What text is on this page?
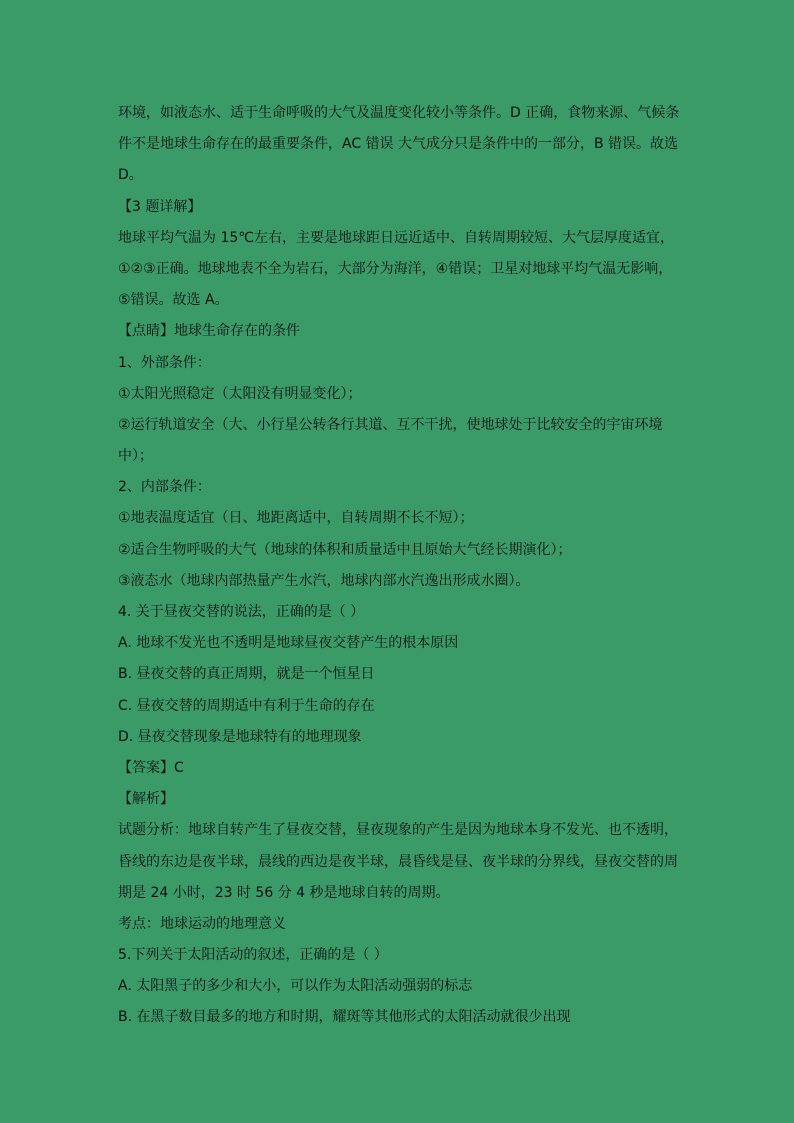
环境，如液态水、适于生命呼吸的大气及温度变化较小等条件。D 正确，食物来源、气候条
件不是地球生命存在的最重要条件，AC 错误 大气成分只是条件中的一部分，B 错误。故选
D。
【3 题详解】
地球平均气温为 15℃左右，主要是地球距日远近适中、自转周期较短、大气层厚度适宜，
①②③正确。地球地表不全为岩石，大部分为海洋，④错误；卫星对地球平均气温无影响，
⑤错误。故选 A。
【点睛】地球生命存在的条件
1、外部条件：
①太阳光照稳定（太阳没有明显变化）；
②运行轨道安全（大、小行星公转各行其道、互不干扰，使地球处于比较安全的宇宙环境
中）；
2、内部条件：
①地表温度适宜（日、地距离适中，自转周期不长不短）；
②适合生物呼吸的大气（地球的体积和质量适中且原始大气经长期演化）；
③液态水（地球内部热量产生水汽，地球内部水汽逸出形成水圈）。
4. 关于昼夜交替的说法，正确的是（ ）
A. 地球不发光也不透明是地球昼夜交替产生的根本原因
B. 昼夜交替的真正周期，就是一个恒星日
C. 昼夜交替的周期适中有利于生命的存在
D. 昼夜交替现象是地球特有的地理现象
【答案】C
【解析】
试题分析：地球自转产生了昼夜交替，昼夜现象的产生是因为地球本身不发光、也不透明，
昏线的东边是夜半球，晨线的西边是夜半球，晨昏线是昼、夜半球的分界线，昼夜交替的周
期是 24 小时，23 时 56 分 4 秒是地球自转的周期。
考点：地球运动的地理意义
5.下列关于太阳活动的叙述，正确的是（ ）
A. 太阳黑子的多少和大小，可以作为太阳活动强弱的标志
B. 在黑子数目最多的地方和时期，耀斑等其他形式的太阳活动就很少出现
